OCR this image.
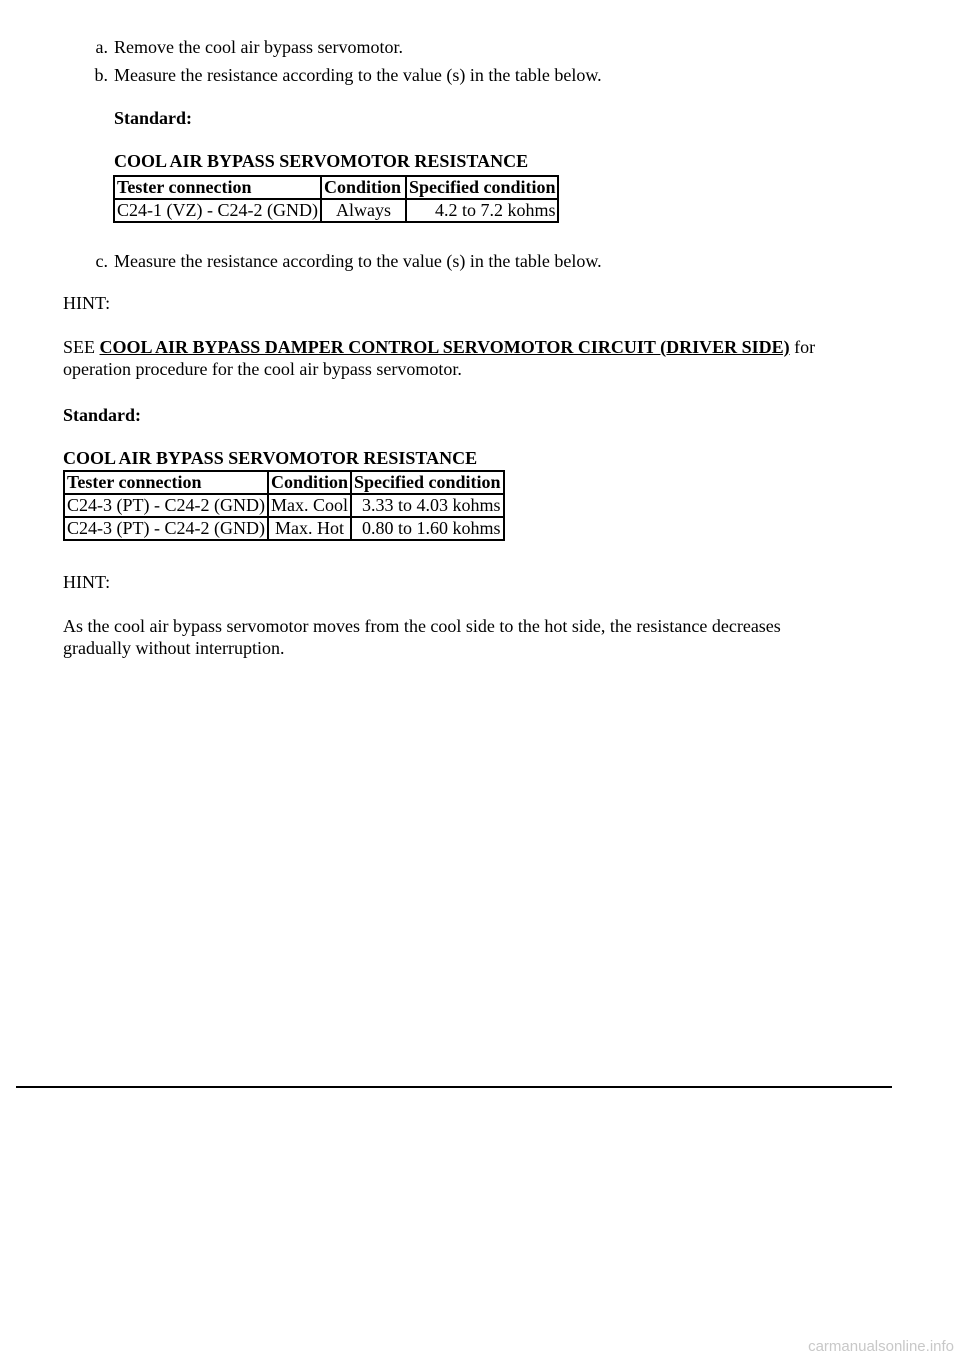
a. Remove the cool air bypass servomotor.
b. Measure the resistance according to the value (s) in the table below.
Standard:
COOL AIR BYPASS SERVOMOTOR RESISTANCE
Tester connection	Condition	Specified condition
C24-1 (VZ) - C24-2 (GND)	Always	4.2 to 7.2 kohms
c. Measure the resistance according to the value (s) in the table below.
HINT:
SEE COOL AIR BYPASS DAMPER CONTROL SERVOMOTOR CIRCUIT (DRIVER SIDE) for
operation procedure for the cool air bypass servomotor.
Standard:
COOL AIR BYPASS SERVOMOTOR RESISTANCE
Tester connection	Condition	Specified condition
C24-3 (PT) - C24-2 (GND)	Max. Cool	3.33 to 4.03 kohms
C24-3 (PT) - C24-2 (GND)	Max. Hot	0.80 to 1.60 kohms
HINT:
As the cool air bypass servomotor moves from the cool side to the hot side, the resistance decreases gradually without interruption.
carmanualsonline.info
